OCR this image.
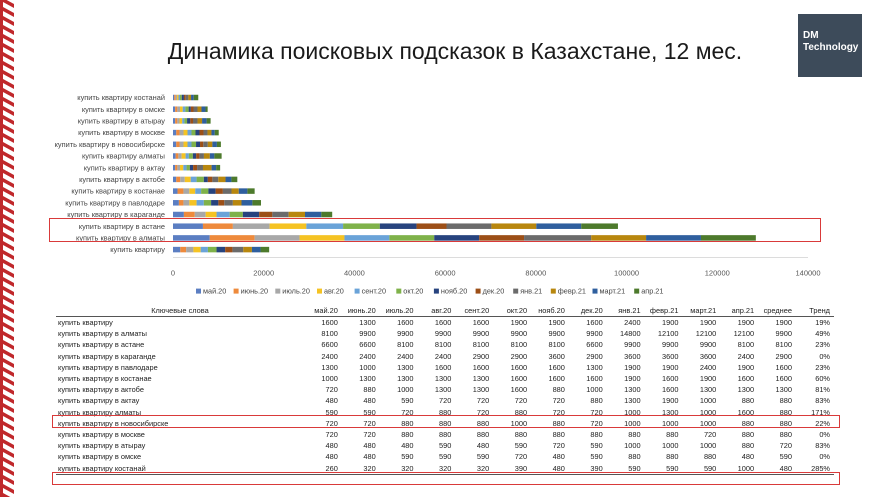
DM
Technology
Динамика поисковых подсказок в Казахстане, 12 мес.
купить квартиру
купить квартиру в алматы
купить квартиру в астане
купить квартиру в караганде
купить квартиру в павлодаре
купить квартиру в костанае
купить квартиру в актобе
купить квартиру в актау
купить квартиру алматы
купить квартиру в новосибирске
купить квартиру в москве
купить квартиру в атырау
купить квартиру в омске
купить квартиру костанай
0	20000	40000	60000	80000	100000	120000	140000
май.20 июнь.20 июль.20 авг.20 сент.20 окт.20 нояб.20 дек.20 янв.21 февр.21 март.21 апр.21
Ключевые слова	май.20	июнь.20	июль.20	авг.20	сент.20	окт.20	нояб.20	дек.20	янв.21	февр.21	март.21	апр.21	среднее	Тренд
купить квартиру	1600	1300	1600	1600	1600	1900	1900	1600	2400	1900	1900	1900	1900	19%
купить квартиру в алматы	8100	9900	9900	9900	9900	9900	9900	9900	14800	12100	12100	12100	9900	49%
купить квартиру в астане	6600	6600	8100	8100	8100	8100	8100	6600	9900	9900	9900	8100	8100	23%
купить квартиру в караганде	2400	2400	2400	2400	2900	2900	3600	2900	3600	3600	3600	2400	2900	0%
купить квартиру в павлодаре	1300	1000	1300	1600	1600	1600	1600	1300	1900	1900	2400	1900	1600	23%
купить квартиру в костанае	1000	1300	1300	1300	1300	1600	1600	1600	1900	1600	1900	1600	1600	60%
купить квартиру в актобе	720	880	1000	1300	1300	1600	880	1000	1300	1600	1300	1300	1300	81%
купить квартиру в актау	480	480	590	720	720	720	720	880	1300	1900	1000	880	880	83%
купить квартиру алматы	590	590	720	880	720	880	720	720	1000	1300	1000	1600	880	171%
купить квартиру в новосибирске	720	720	880	880	880	1000	880	720	1000	1000	1000	880	880	22%
купить квартиру в москве	720	720	880	880	880	880	880	880	880	880	720	880	880	0%
купить квартиру в атырау	480	480	480	590	480	590	720	590	1000	1000	1000	880	720	83%
купить квартиру в омске	480	480	590	590	590	720	480	590	880	880	880	480	590	0%
купить квартиру костанай	260	320	320	320	320	390	480	390	590	590	590	1000	480	285%
